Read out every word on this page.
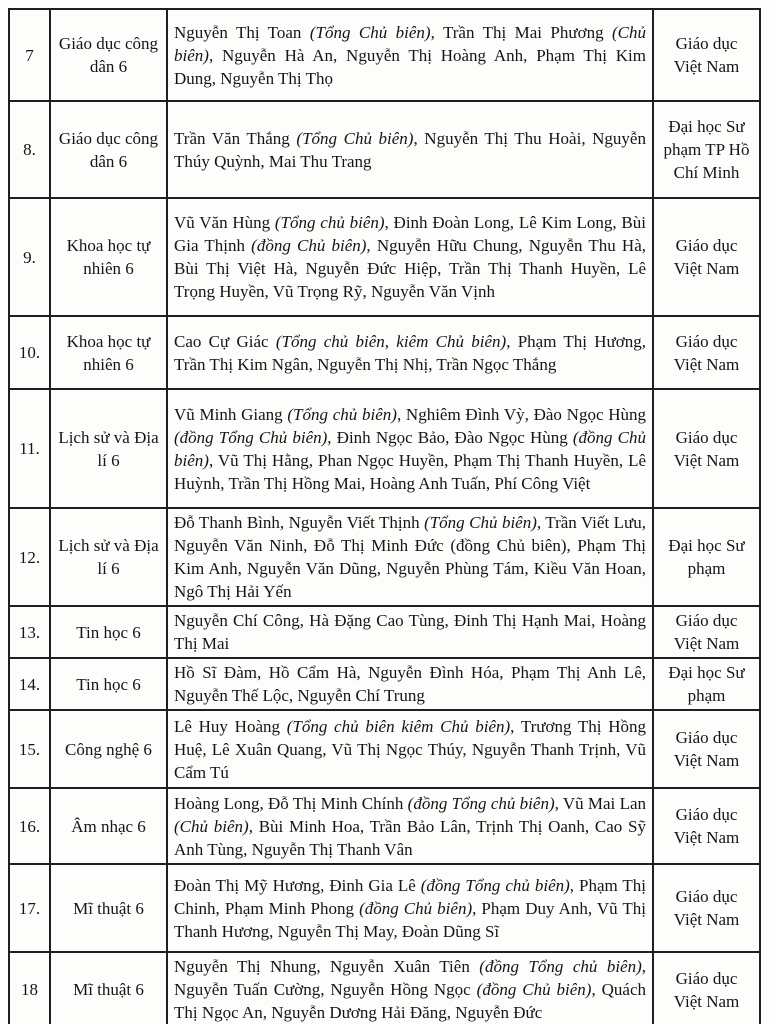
7	Giáo dục công dân 6	Nguyễn Thị Toan (Tổng Chủ biên), Trần Thị Mai Phương (Chủ biên), Nguyễn Hà An, Nguyễn Thị Hoàng Anh, Phạm Thị Kim Dung, Nguyễn Thị Thọ	Giáo dục Việt Nam
8.	Giáo dục công dân 6	Trần Văn Thắng (Tổng Chủ biên), Nguyễn Thị Thu Hoài, Nguyễn Thúy Quỳnh, Mai Thu Trang	Đại học Sư phạm TP Hồ Chí Minh
9.	Khoa học tự nhiên 6	Vũ Văn Hùng (Tổng chủ biên), Đinh Đoàn Long, Lê Kim Long, Bùi Gia Thịnh (đồng Chủ biên), Nguyễn Hữu Chung, Nguyễn Thu Hà, Bùi Thị Việt Hà, Nguyễn Đức Hiệp, Trần Thị Thanh Huyền, Lê Trọng Huyền, Vũ Trọng Rỹ, Nguyễn Văn Vịnh	Giáo dục Việt Nam
10.	Khoa học tự nhiên 6	Cao Cự Giác (Tổng chủ biên, kiêm Chủ biên), Phạm Thị Hương, Trần Thị Kim Ngân, Nguyễn Thị Nhị, Trần Ngọc Thắng	Giáo dục Việt Nam
11.	Lịch sử và Địa lí 6	Vũ Minh Giang (Tổng chủ biên), Nghiêm Đình Vỳ, Đào Ngọc Hùng (đồng Tổng Chủ biên), Đinh Ngọc Bảo, Đào Ngọc Hùng (đồng Chủ biên), Vũ Thị Hằng, Phan Ngọc Huyền, Phạm Thị Thanh Huyền, Lê Huỳnh, Trần Thị Hồng Mai, Hoàng Anh Tuấn, Phí Công Việt	Giáo dục Việt Nam
12.	Lịch sử và Địa lí 6	Đỗ Thanh Bình, Nguyễn Viết Thịnh (Tổng Chủ biên), Trần Viết Lưu, Nguyễn Văn Ninh, Đỗ Thị Minh Đức (đồng Chủ biên), Phạm Thị Kim Anh, Nguyễn Văn Dũng, Nguyễn Phùng Tám, Kiều Văn Hoan, Ngô Thị Hải Yến	Đại học Sư phạm
13.	Tin học 6	Nguyễn Chí Công, Hà Đặng Cao Tùng, Đinh Thị Hạnh Mai, Hoàng Thị Mai	Giáo dục Việt Nam
14.	Tin học 6	Hồ Sĩ Đàm, Hồ Cẩm Hà, Nguyễn Đình Hóa, Phạm Thị Anh Lê, Nguyễn Thế Lộc, Nguyễn Chí Trung	Đại học Sư phạm
15.	Công nghệ 6	Lê Huy Hoàng (Tổng chủ biên kiêm Chủ biên), Trương Thị Hồng Huệ, Lê Xuân Quang, Vũ Thị Ngọc Thúy, Nguyễn Thanh Trịnh, Vũ Cẩm Tú	Giáo dục Việt Nam
16.	Âm nhạc 6	Hoàng Long, Đỗ Thị Minh Chính (đồng Tổng chủ biên), Vũ Mai Lan (Chủ biên), Bùi Minh Hoa, Trần Bảo Lân, Trịnh Thị Oanh, Cao Sỹ Anh Tùng, Nguyễn Thị Thanh Vân	Giáo dục Việt Nam
17.	Mĩ thuật 6	Đoàn Thị Mỹ Hương, Đinh Gia Lê (đồng Tổng chủ biên), Phạm Thị Chinh, Phạm Minh Phong (đồng Chủ biên), Phạm Duy Anh, Vũ Thị Thanh Hương, Nguyễn Thị May, Đoàn Dũng Sĩ	Giáo dục Việt Nam
18	Mĩ thuật 6	Nguyễn Thị Nhung, Nguyễn Xuân Tiên (đồng Tổng chủ biên), Nguyễn Tuấn Cường, Nguyễn Hồng Ngọc (đồng Chủ biên), Quách Thị Ngọc An, Nguyễn Dương Hải Đăng, Nguyễn Đức	Giáo dục Việt Nam
